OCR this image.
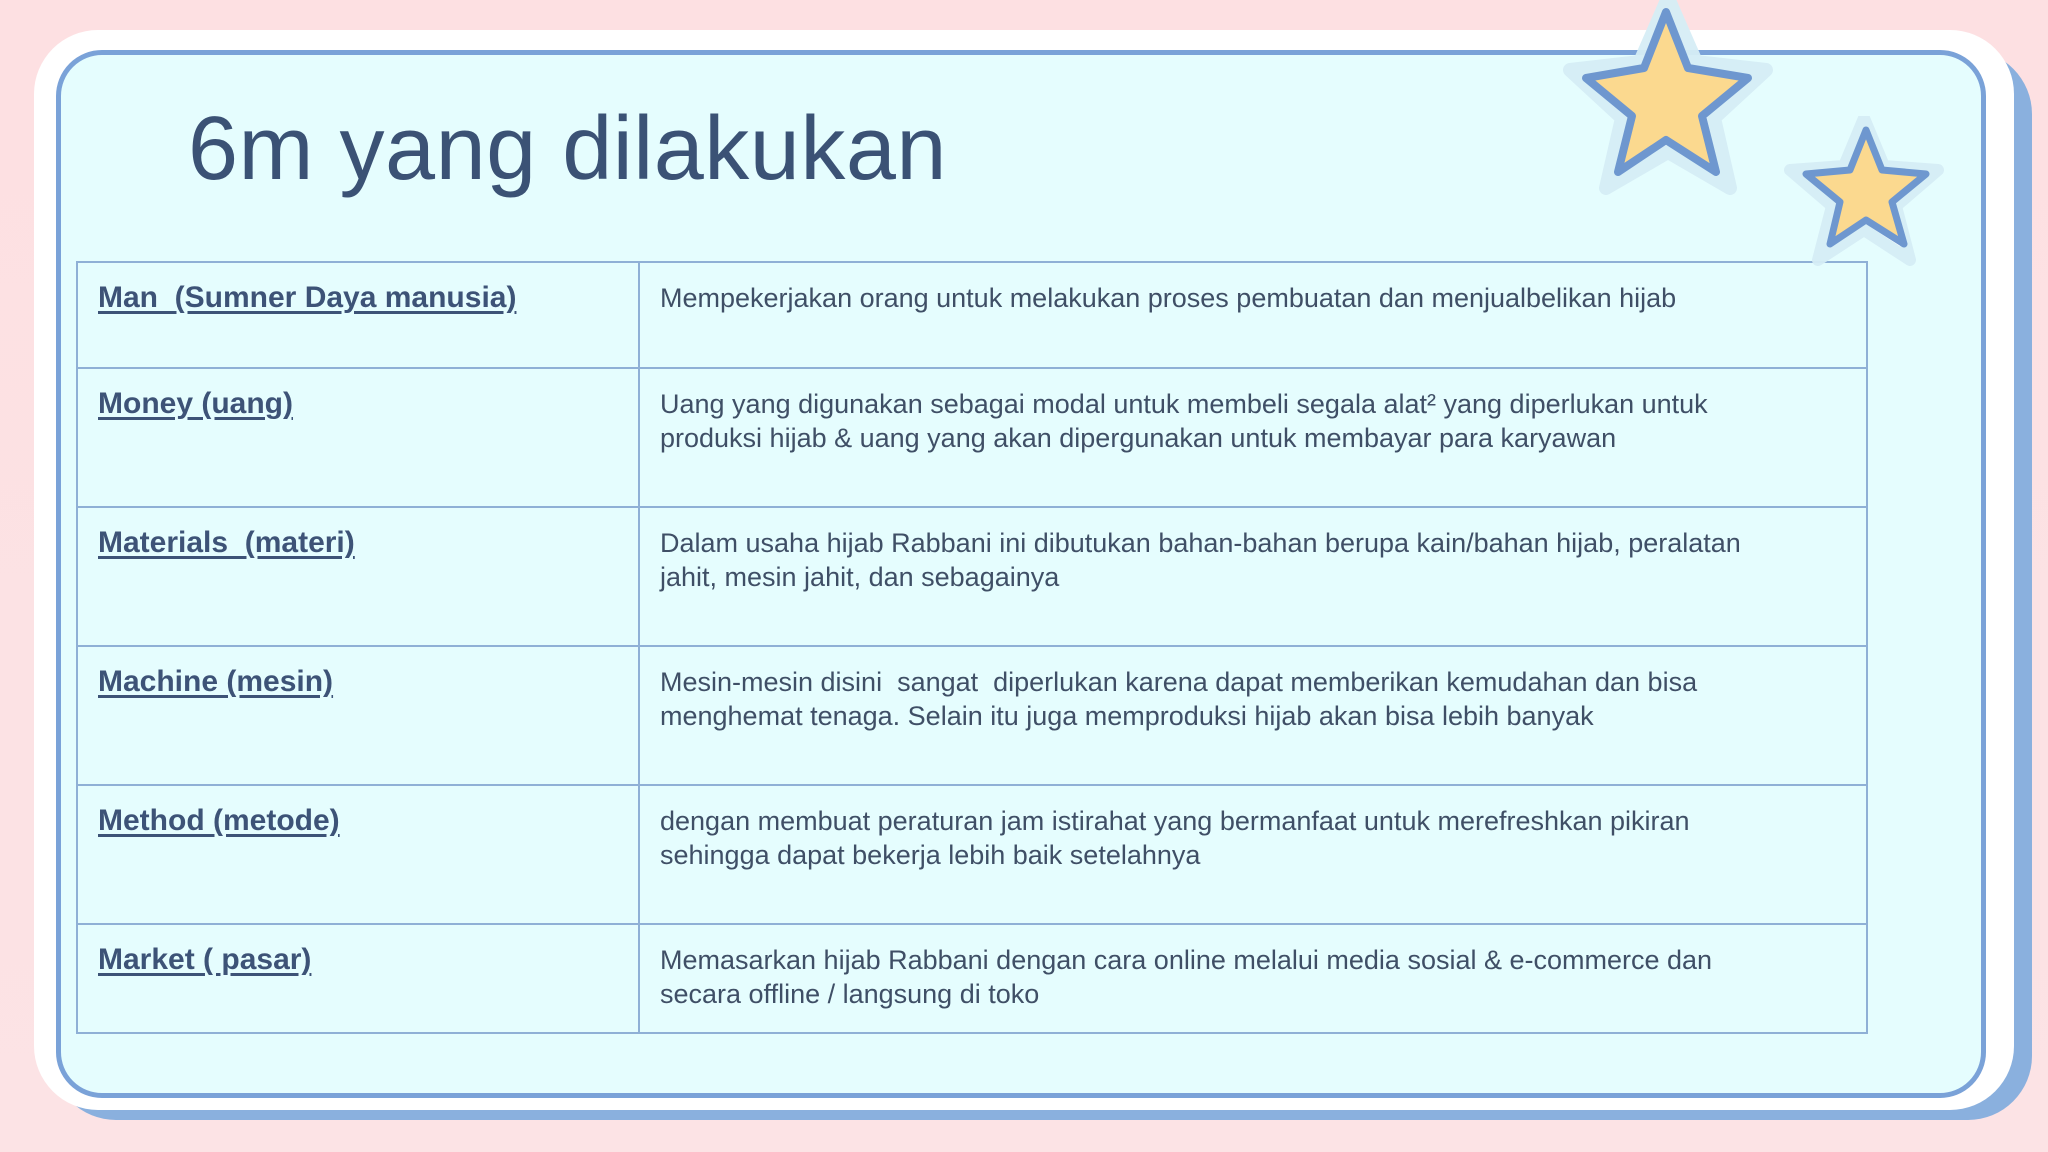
6m yang dilakukan
Man  (Sumner Daya manusia)	Mempekerjakan orang untuk melakukan proses pembuatan dan menjualbelikan hijab

Money (uang)	Uang yang digunakan sebagai modal untuk membeli segala alat² yang diperlukan untuk
produksi hijab & uang yang akan dipergunakan untuk membayar para karyawan

Materials  (materi)	Dalam usaha hijab Rabbani ini dibutukan bahan-bahan berupa kain/bahan hijab, peralatan
jahit, mesin jahit, dan sebagainya

Machine (mesin)	Mesin-mesin disini  sangat  diperlukan karena dapat memberikan kemudahan dan bisa
menghemat tenaga. Selain itu juga memproduksi hijab akan bisa lebih banyak

Method (metode)	dengan membuat peraturan jam istirahat yang bermanfaat untuk merefreshkan pikiran
sehingga dapat bekerja lebih baik setelahnya

Market ( pasar)	Memasarkan hijab Rabbani dengan cara online melalui media sosial & e-commerce dan
secara offline / langsung di toko
